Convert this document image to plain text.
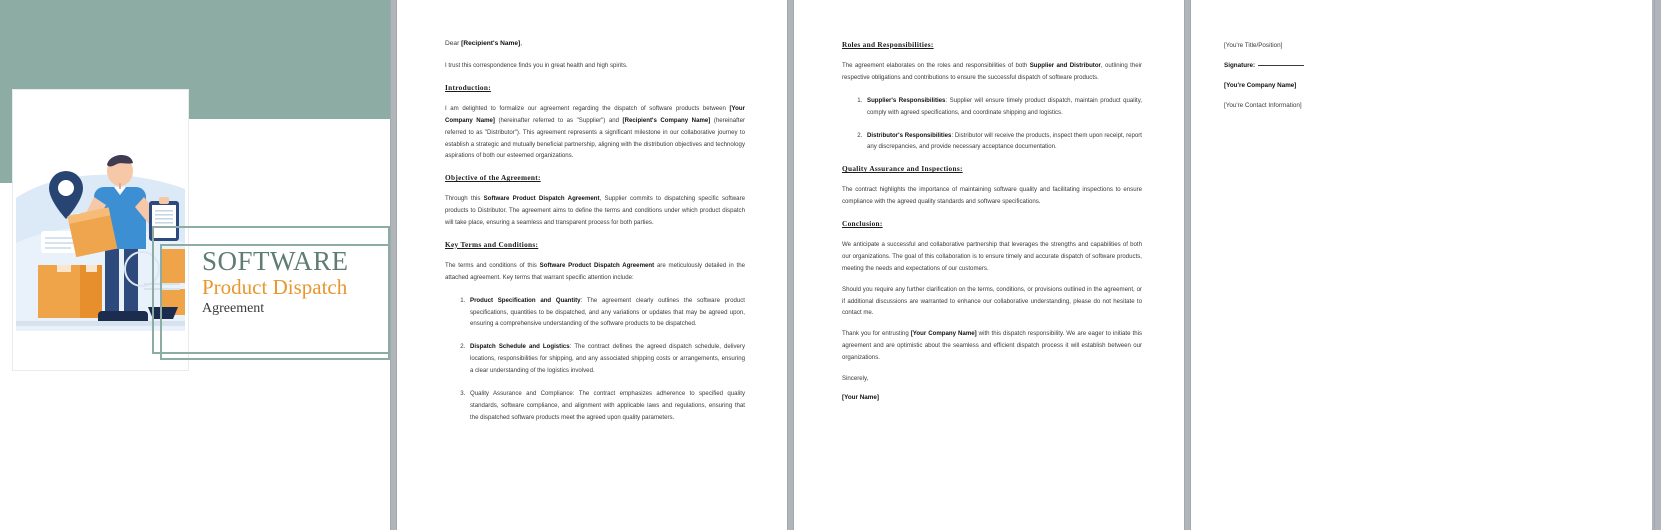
SOFTWARE
Product Dispatch
Agreement

Dear [Recipient's Name],

I trust this correspondence finds you in great health and high spirits.

Introduction:

I am delighted to formalize our agreement regarding the dispatch of software products between [Your Company Name] (hereinafter referred to as "Supplier") and [Recipient's Company Name] (hereinafter referred to as "Distributor"). This agreement represents a significant milestone in our collaborative journey to establish a strategic and mutually beneficial partnership, aligning with the distribution objectives and technology aspirations of both our esteemed organizations.

Objective of the Agreement:

Through this Software Product Dispatch Agreement, Supplier commits to dispatching specific software products to Distributor. The agreement aims to define the terms and conditions under which product dispatch will take place, ensuring a seamless and transparent process for both parties.

Key Terms and Conditions:

The terms and conditions of this Software Product Dispatch Agreement are meticulously detailed in the attached agreement. Key terms that warrant specific attention include:

1. Product Specification and Quantity: The agreement clearly outlines the software product specifications, quantities to be dispatched, and any variations or updates that may be agreed upon, ensuring a comprehensive understanding of the software products to be dispatched.
2. Dispatch Schedule and Logistics: The contract defines the agreed dispatch schedule, delivery locations, responsibilities for shipping, and any associated shipping costs or arrangements, ensuring a clear understanding of the logistics involved.
3. Quality Assurance and Compliance: The contract emphasizes adherence to specified quality standards, software compliance, and alignment with applicable laws and regulations, ensuring that the dispatched software products meet the agreed upon quality parameters.

Roles and Responsibilities:

The agreement elaborates on the roles and responsibilities of both Supplier and Distributor, outlining their respective obligations and contributions to ensure the successful dispatch of software products.

1. Supplier's Responsibilities: Supplier will ensure timely product dispatch, maintain product quality, comply with agreed specifications, and coordinate shipping and logistics.
2. Distributor's Responsibilities: Distributor will receive the products, inspect them upon receipt, report any discrepancies, and provide necessary acceptance documentation.

Quality Assurance and Inspections:

The contract highlights the importance of maintaining software quality and facilitating inspections to ensure compliance with the agreed quality standards and software specifications.

Conclusion:

We anticipate a successful and collaborative partnership that leverages the strengths and capabilities of both our organizations. The goal of this collaboration is to ensure timely and accurate dispatch of software products, meeting the needs and expectations of our customers.

Should you require any further clarification on the terms, conditions, or provisions outlined in the agreement, or if additional discussions are warranted to enhance our collaborative understanding, please do not hesitate to contact me.

Thank you for entrusting [Your Company Name] with this dispatch responsibility. We are eager to initiate this agreement and are optimistic about the seamless and efficient dispatch process it will establish between our organizations.

Sincerely,

[Your Name]

[You're Title/Position]

Signature:

[You're Company Name]

[You're Contact Information]
